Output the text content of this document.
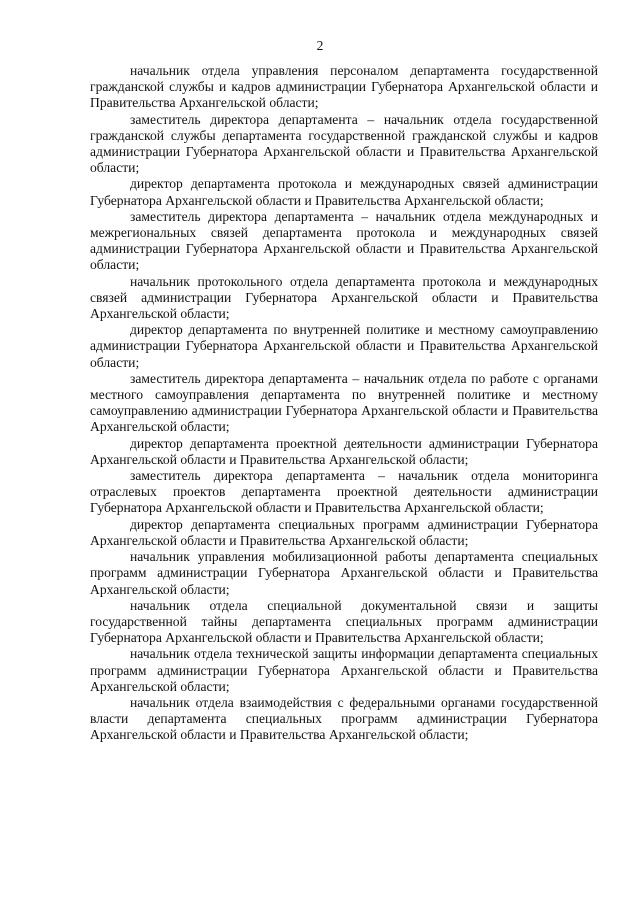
2

начальник отдела управления персоналом департамента государственной гражданской службы и кадров администрации Губернатора Архангельской области и Правительства Архангельской области;

заместитель директора департамента – начальник отдела государственной гражданской службы департамента государственной гражданской службы и кадров администрации Губернатора Архангельской области и Правительства Архангельской области;

директор департамента протокола и международных связей администрации Губернатора Архангельской области и Правительства Архангельской области;

заместитель директора департамента – начальник отдела международных и межрегиональных связей департамента протокола и международных связей администрации Губернатора Архангельской области и Правительства Архангельской области;

начальник протокольного отдела департамента протокола и международных связей администрации Губернатора Архангельской области и Правительства Архангельской области;

директор департамента по внутренней политике и местному самоуправлению администрации Губернатора Архангельской области и Правительства Архангельской области;

заместитель директора департамента – начальник отдела по работе с органами местного самоуправления департамента по внутренней политике и местному самоуправлению администрации Губернатора Архангельской области и Правительства Архангельской области;

директор департамента проектной деятельности администрации Губернатора Архангельской области и Правительства Архангельской области;

заместитель директора департамента – начальник отдела мониторинга отраслевых проектов департамента проектной деятельности администрации Губернатора Архангельской области и Правительства Архангельской области;

директор департамента специальных программ администрации Губернатора Архангельской области и Правительства Архангельской области;

начальник управления мобилизационной работы департамента специальных программ администрации Губернатора Архангельской области и Правительства Архангельской области;

начальник отдела специальной документальной связи и защиты государственной тайны департамента специальных программ администрации Губернатора Архангельской области и Правительства Архангельской области;

начальник отдела технической защиты информации департамента специальных программ администрации Губернатора Архангельской области и Правительства Архангельской области;

начальник отдела взаимодействия с федеральными органами государственной власти департамента специальных программ администрации Губернатора Архангельской области и Правительства Архангельской области;
